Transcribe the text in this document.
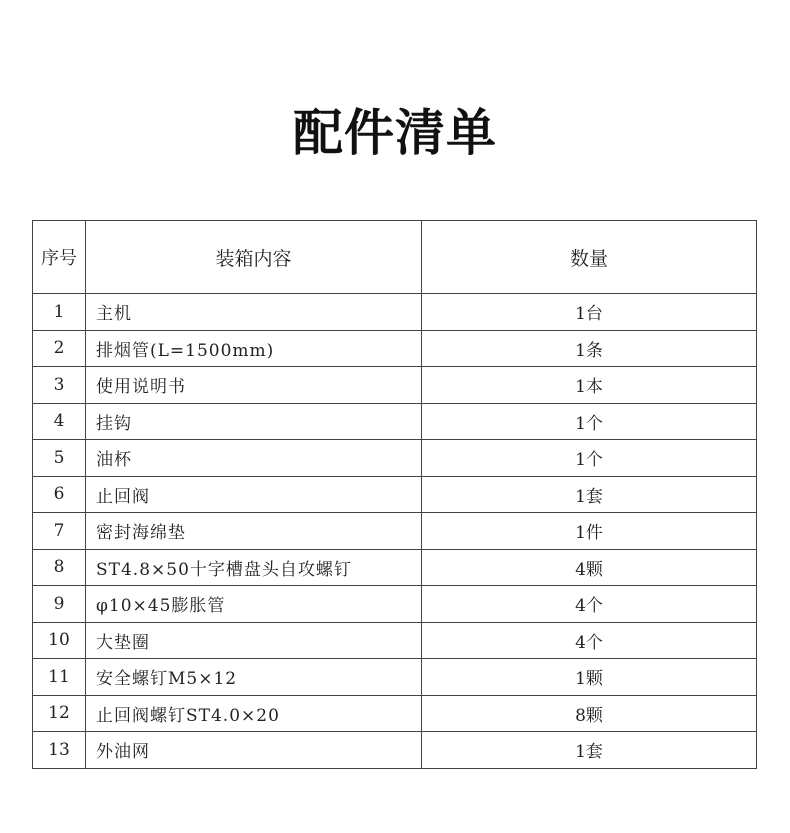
配件清单
序号	装箱内容	数量
1	主机	1台
2	排烟管(L=1500mm)	1条
3	使用说明书	1本
4	挂钩	1个
5	油杯	1个
6	止回阀	1套
7	密封海绵垫	1件
8	ST4.8×50十字槽盘头自攻螺钉	4颗
9	φ10×45膨胀管	4个
10	大垫圈	4个
11	安全螺钉M5×12	1颗
12	止回阀螺钉ST4.0×20	8颗
13	外油网	1套
